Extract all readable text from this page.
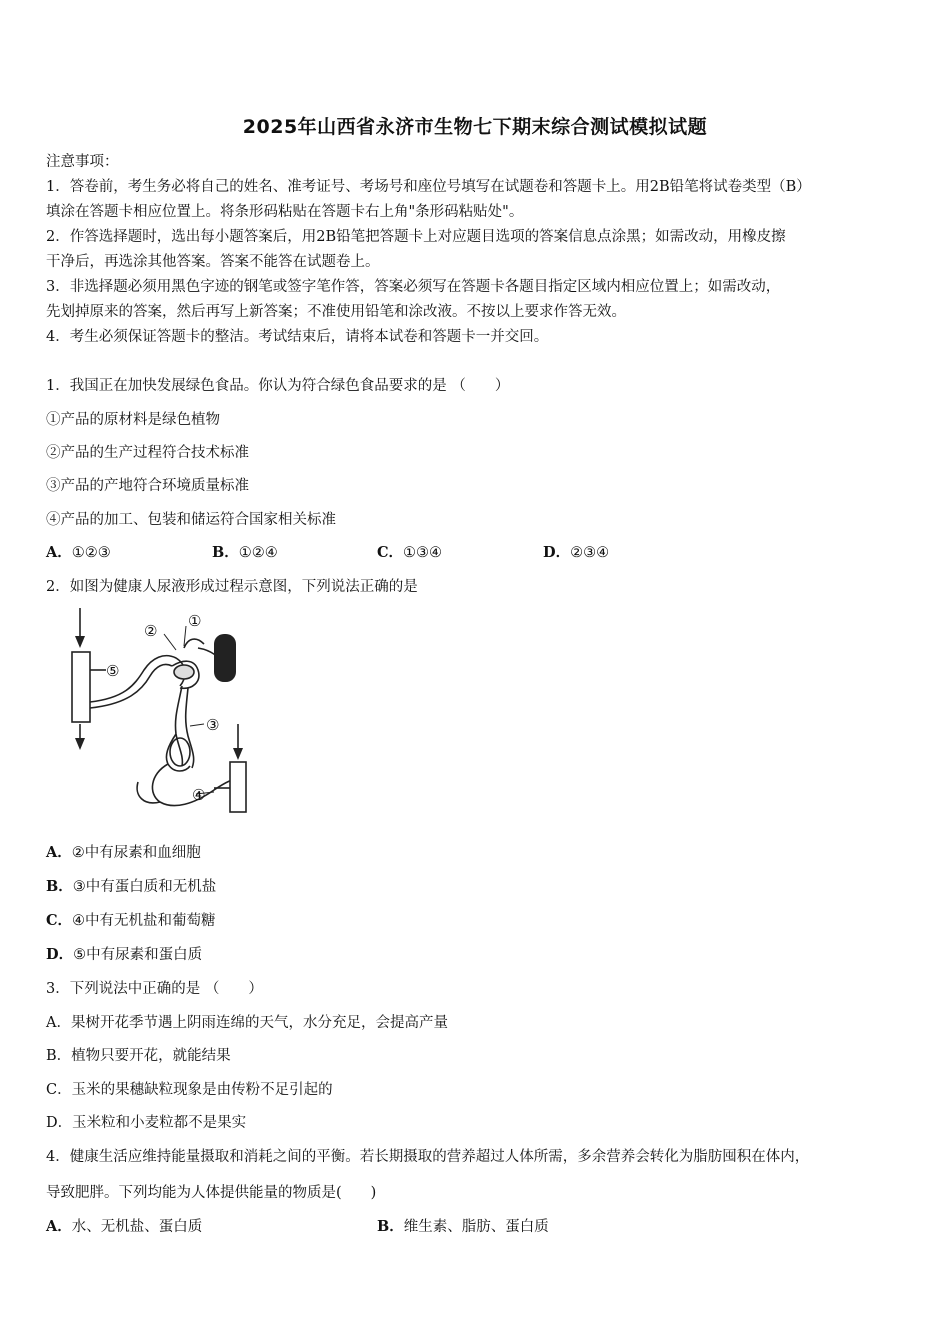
2025年山西省永济市生物七下期末综合测试模拟试题
注意事项：
1．答卷前，考生务必将自己的姓名、准考证号、考场号和座位号填写在试题卷和答题卡上。用2B铅笔将试卷类型（B）
填涂在答题卡相应位置上。将条形码粘贴在答题卡右上角"条形码粘贴处"。
2．作答选择题时，选出每小题答案后，用2B铅笔把答题卡上对应题目选项的答案信息点涂黑；如需改动，用橡皮擦
干净后，再选涂其他答案。答案不能答在试题卷上。
3．非选择题必须用黑色字迹的钢笔或签字笔作答，答案必须写在答题卡各题目指定区域内相应位置上；如需改动，
先划掉原来的答案，然后再写上新答案；不准使用铅笔和涂改液。不按以上要求作答无效。
4．考生必须保证答题卡的整洁。考试结束后，请将本试卷和答题卡一并交回。
1．我国正在加快发展绿色食品。你认为符合绿色食品要求的是 （　　）
①产品的原材料是绿色植物
②产品的生产过程符合技术标准
③产品的产地符合环境质量标准
④产品的加工、包装和储运符合国家相关标准
A．①②③	B．①②④	C．①③④	D．②③④
2．如图为健康人尿液形成过程示意图，下列说法正确的是
①
②
③
④
⑤
A．②中有尿素和血细胞
B．③中有蛋白质和无机盐
C．④中有无机盐和葡萄糖
D．⑤中有尿素和蛋白质
3．下列说法中正确的是 （　　）
A．果树开花季节遇上阴雨连绵的天气，水分充足，会提高产量
B．植物只要开花，就能结果
C．玉米的果穗缺粒现象是由传粉不足引起的
D．玉米粒和小麦粒都不是果实
4．健康生活应维持能量摄取和消耗之间的平衡。若长期摄取的营养超过人体所需，多余营养会转化为脂肪囤积在体内，
导致肥胖。下列均能为人体提供能量的物质是(　　)
A．水、无机盐、蛋白质	B．维生素、脂肪、蛋白质
